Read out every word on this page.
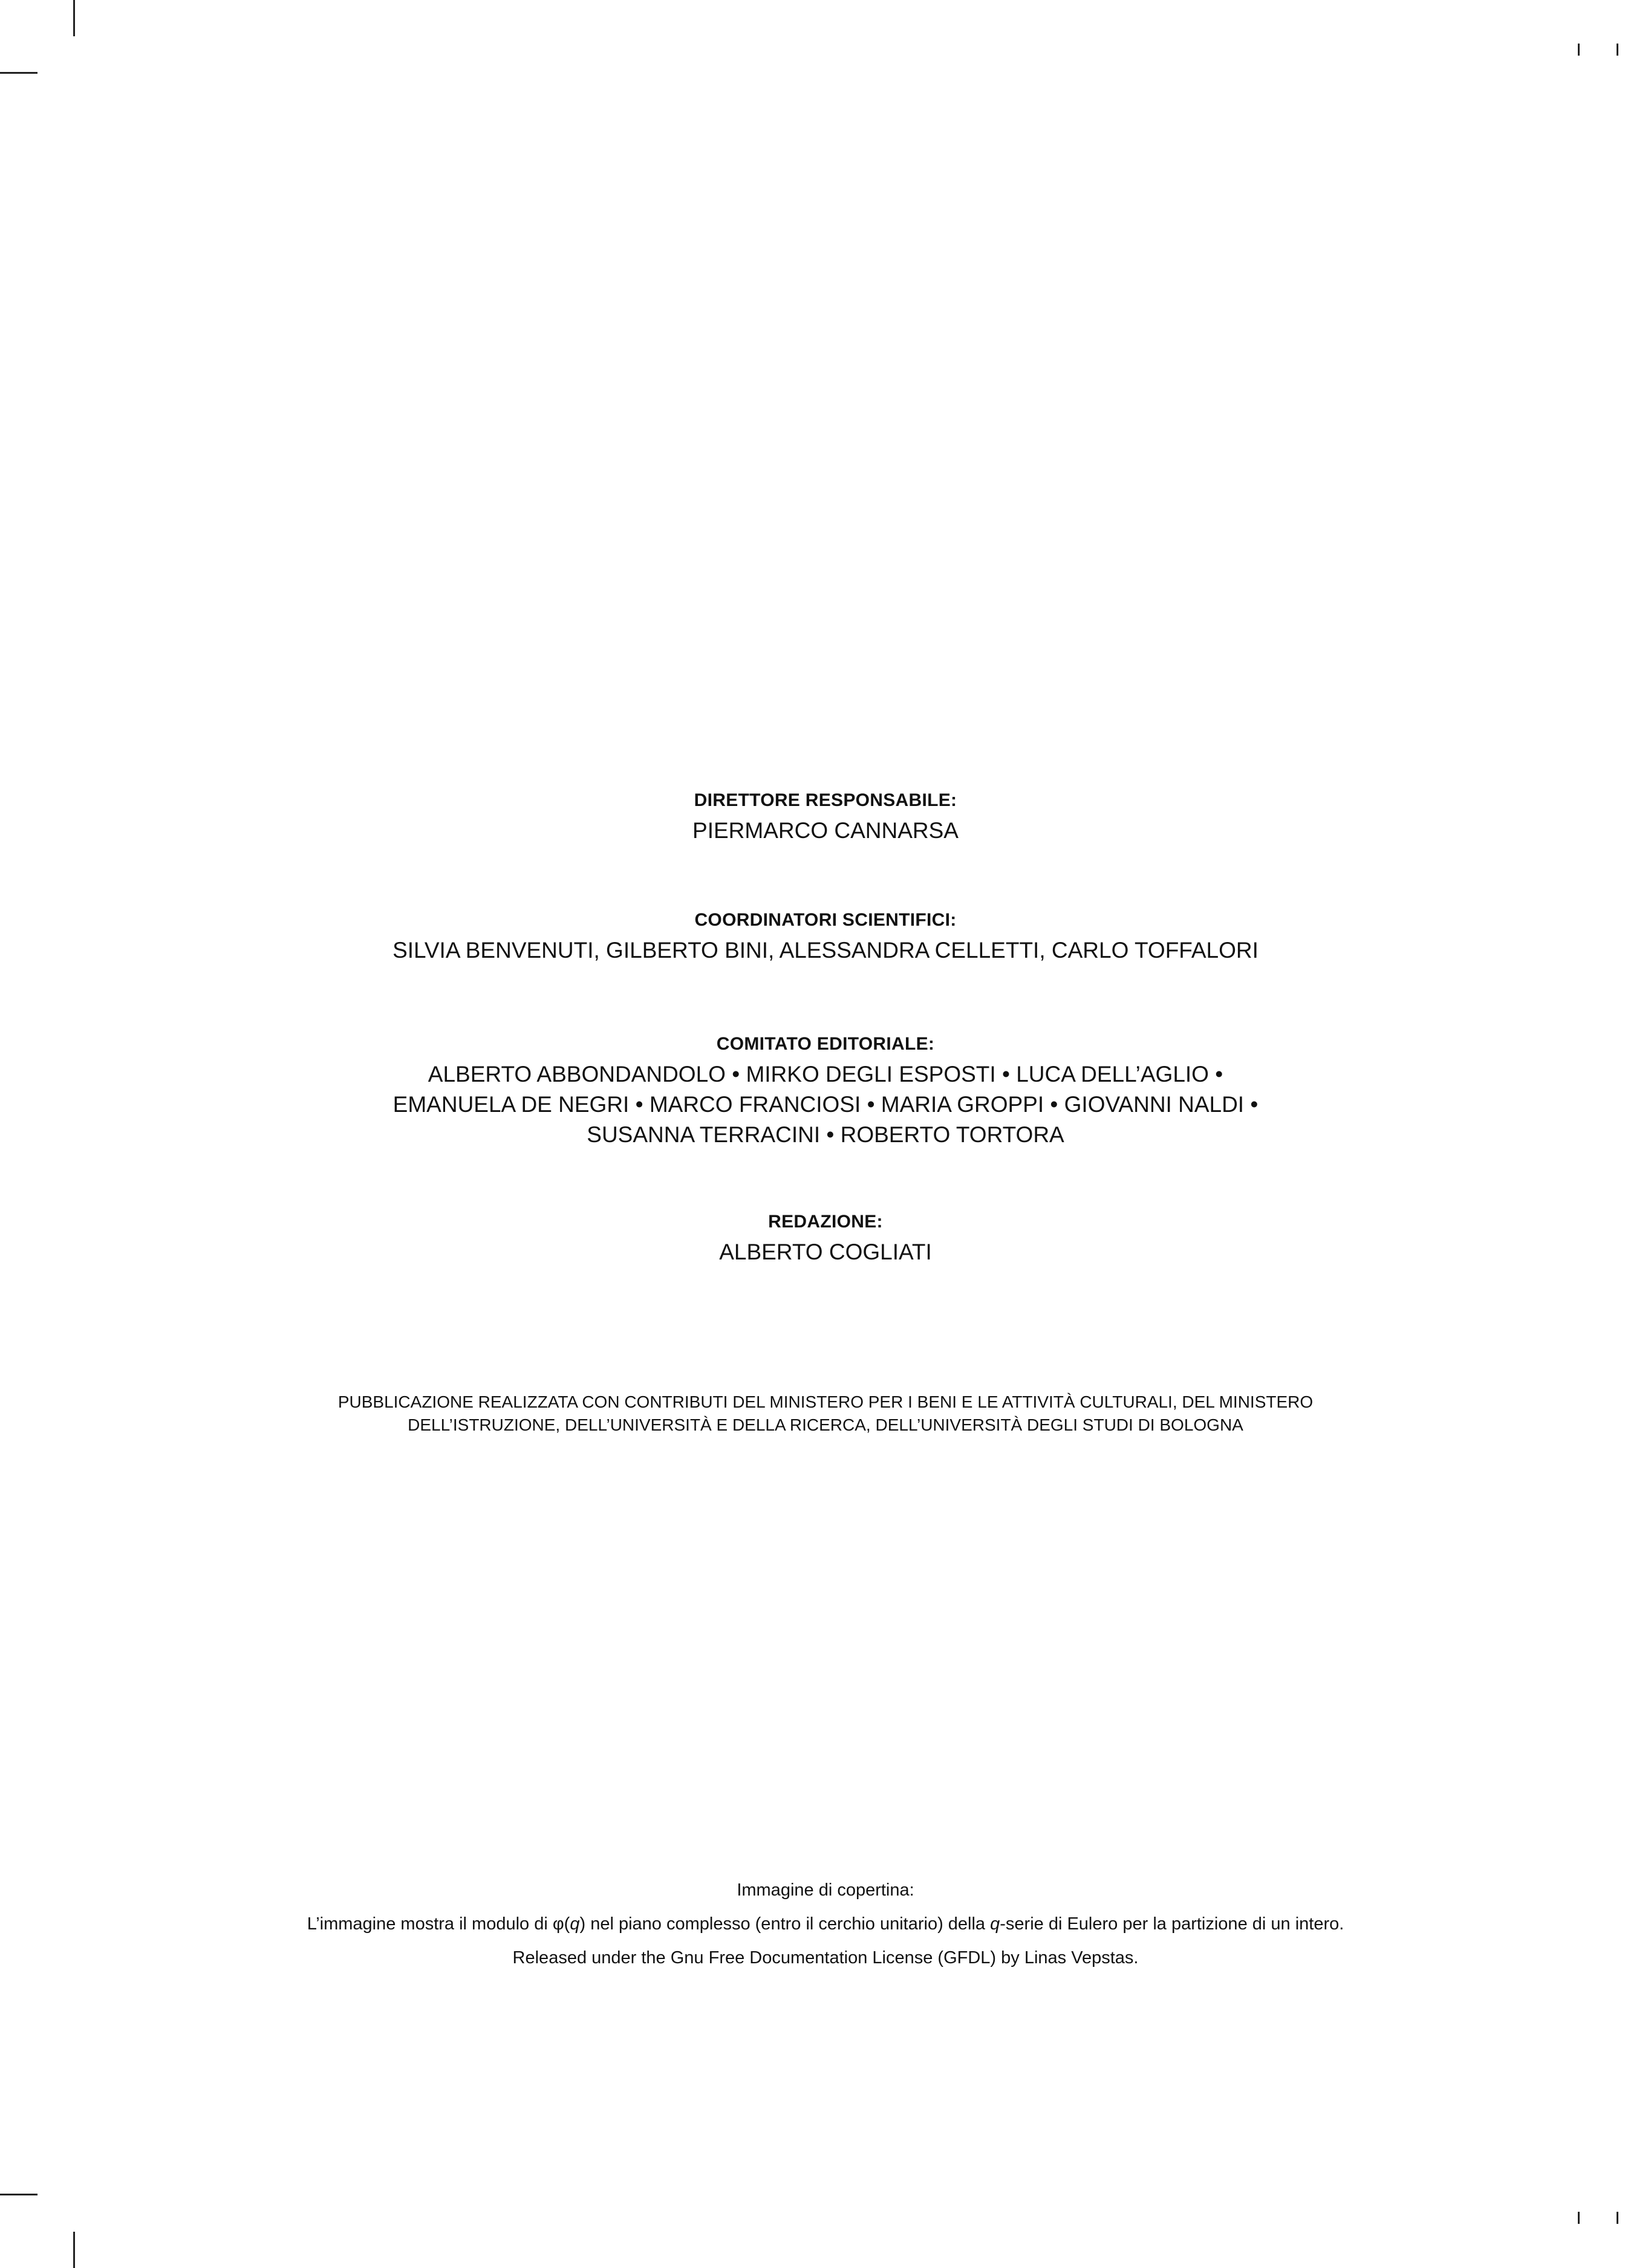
DIRETTORE RESPONSABILE:
PIERMARCO CANNARSA
COORDINATORI SCIENTIFICI:
SILVIA BENVENUTI, GILBERTO BINI, ALESSANDRA CELLETTI, CARLO TOFFALORI
COMITATO EDITORIALE:
ALBERTO ABBONDANDOLO • MIRKO DEGLI ESPOSTI • LUCA DELL’AGLIO •
EMANUELA DE NEGRI • MARCO FRANCIOSI • MARIA GROPPI • GIOVANNI NALDI •
SUSANNA TERRACINI • ROBERTO TORTORA
REDAZIONE:
ALBERTO COGLIATI
PUBBLICAZIONE REALIZZATA CON CONTRIBUTI DEL MINISTERO PER I BENI E LE ATTIVITÀ CULTURALI, DEL MINISTERO
DELL’ISTRUZIONE, DELL’UNIVERSITÀ E DELLA RICERCA, DELL’UNIVERSITÀ DEGLI STUDI DI BOLOGNA
Immagine di copertina:
L’immagine mostra il modulo di φ(q) nel piano complesso (entro il cerchio unitario) della q-serie di Eulero per la partizione di un intero.
Released under the Gnu Free Documentation License (GFDL) by Linas Vepstas.
